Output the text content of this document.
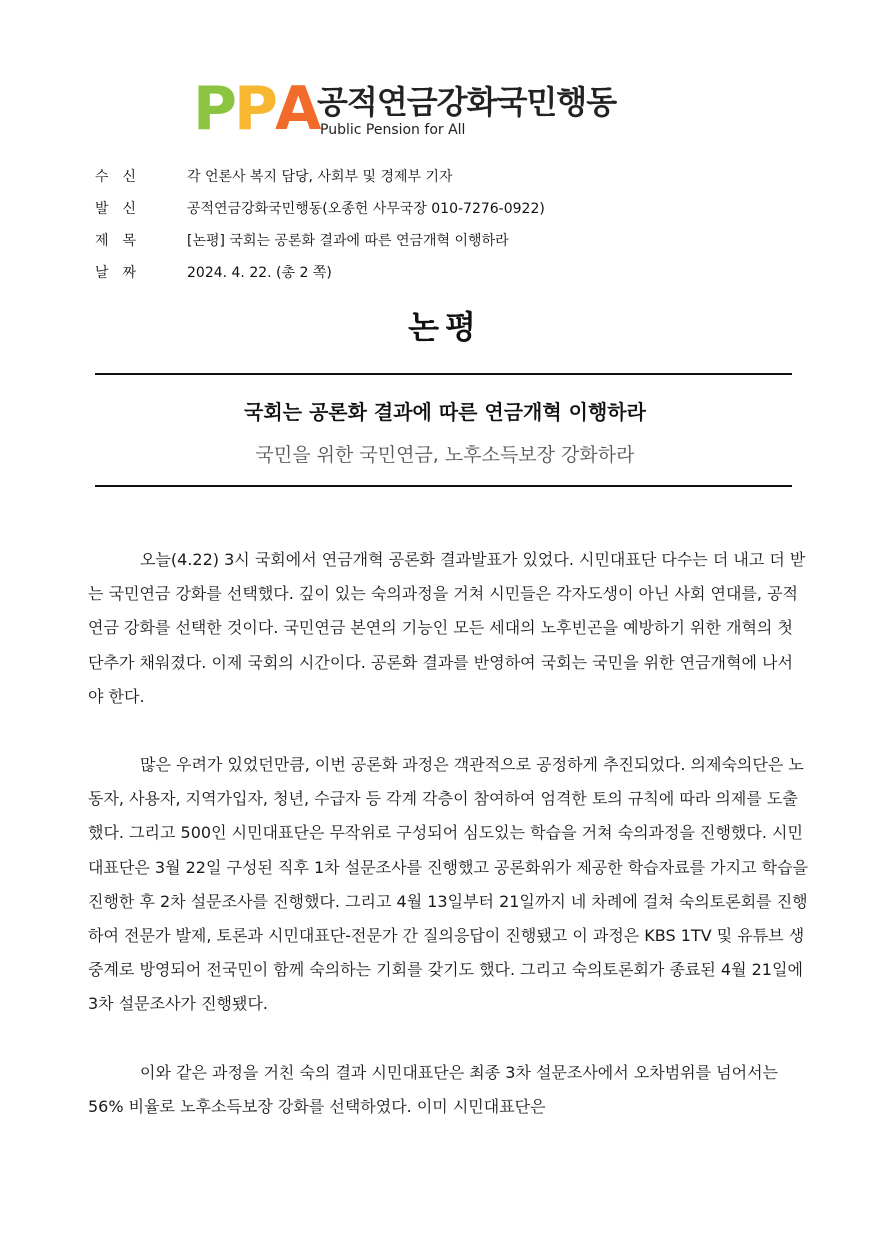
PPA
공적연금강화국민행동
Public Pension for All
수신	각 언론사 복지 담당, 사회부 및 경제부 기자
발신	공적연금강화국민행동(오종헌 사무국장 010-7276-0922)
제목	[논평] 국회는 공론화 결과에 따른 연금개혁 이행하라
날짜	2024. 4. 22. (총 2 쪽)
논평
국회는 공론화 결과에 따른 연금개혁 이행하라
국민을 위한 국민연금, 노후소득보장 강화하라

오늘(4.22) 3시 국회에서 연금개혁 공론화 결과발표가 있었다. 시민대표단 다수는 더 내고 더 받는 국민연금 강화를 선택했다. 깊이 있는 숙의과정을 거쳐 시민들은 각자도생이 아닌 사회 연대를, 공적연금 강화를 선택한 것이다. 국민연금 본연의 기능인 모든 세대의 노후빈곤을 예방하기 위한 개혁의 첫 단추가 채워졌다. 이제 국회의 시간이다. 공론화 결과를 반영하여 국회는 국민을 위한 연금개혁에 나서야 한다.

많은 우려가 있었던만큼, 이번 공론화 과정은 객관적으로 공정하게 추진되었다. 의제숙의단은 노동자, 사용자, 지역가입자, 청년, 수급자 등 각계 각층이 참여하여 엄격한 토의 규칙에 따라 의제를 도출했다. 그리고 500인 시민대표단은 무작위로 구성되어 심도있는 학습을 거쳐 숙의과정을 진행했다. 시민대표단은 3월 22일 구성된 직후 1차 설문조사를 진행했고 공론화위가 제공한 학습자료를 가지고 학습을 진행한 후 2차 설문조사를 진행했다. 그리고 4월 13일부터 21일까지 네 차례에 걸쳐 숙의토론회를 진행하여 전문가 발제, 토론과 시민대표단-전문가 간 질의응답이 진행됐고 이 과정은 KBS 1TV 및 유튜브 생중계로 방영되어 전국민이 함께 숙의하는 기회를 갖기도 했다. 그리고 숙의토론회가 종료된 4월 21일에 3차 설문조사가 진행됐다.

이와 같은 과정을 거친 숙의 결과 시민대표단은 최종 3차 설문조사에서 오차범위를 넘어서는 56% 비율로 노후소득보장 강화를 선택하였다. 이미 시민대표단은
